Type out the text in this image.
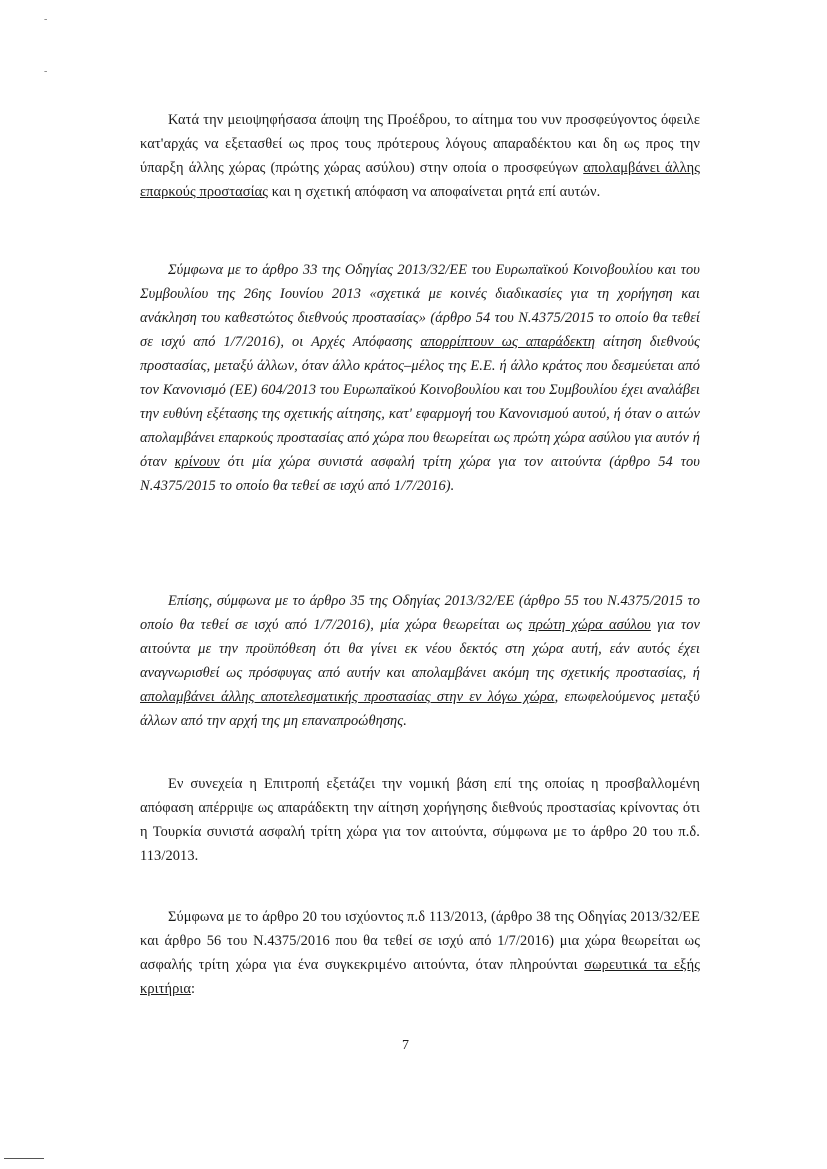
-
-
Κατά την μειοψηφήσασα άποψη της Προέδρου, το αίτημα του νυν προσφεύγοντος όφειλε κατ'αρχάς να εξετασθεί ως προς τους πρότερους λόγους απαραδέκτου και δη ως προς την ύπαρξη άλλης χώρας (πρώτης χώρας ασύλου) στην οποία ο προσφεύγων απολαμβάνει άλλης επαρκούς προστασίας και η σχετική απόφαση να αποφαίνεται ρητά επί αυτών.
Σύμφωνα με το άρθρο 33 της Οδηγίας 2013/32/ΕΕ του Ευρωπαϊκού Κοινοβουλίου και του Συμβουλίου της 26ης Ιουνίου 2013 «σχετικά με κοινές διαδικασίες για τη χορήγηση και ανάκληση του καθεστώτος διεθνούς προστασίας» (άρθρο 54 του Ν.4375/2015 το οποίο θα τεθεί σε ισχύ από 1/7/2016), οι Αρχές Απόφασης απορρίπτουν ως απαράδεκτη αίτηση διεθνούς προστασίας, μεταξύ άλλων, όταν άλλο κράτος–μέλος της Ε.Ε. ή άλλο κράτος που δεσμεύεται από τον Κανονισμό (ΕΕ) 604/2013 του Ευρωπαϊκού Κοινοβουλίου και του Συμβουλίου έχει αναλάβει την ευθύνη εξέτασης της σχετικής αίτησης, κατ' εφαρμογή του Κανονισμού αυτού, ή όταν ο αιτών απολαμβάνει επαρκούς προστασίας από χώρα που θεωρείται ως πρώτη χώρα ασύλου για αυτόν ή όταν κρίνουν ότι μία χώρα συνιστά ασφαλή τρίτη χώρα για τον αιτούντα (άρθρο 54 του Ν.4375/2015 το οποίο θα τεθεί σε ισχύ από 1/7/2016).
Επίσης, σύμφωνα με το άρθρο 35 της Οδηγίας 2013/32/ΕΕ (άρθρο 55 του Ν.4375/2015 το οποίο θα τεθεί σε ισχύ από 1/7/2016), μία χώρα θεωρείται ως πρώτη χώρα ασύλου για τον αιτούντα με την προϋπόθεση ότι θα γίνει εκ νέου δεκτός στη χώρα αυτή, εάν αυτός έχει αναγνωρισθεί ως πρόσφυγας από αυτήν και απολαμβάνει ακόμη της σχετικής προστασίας, ή απολαμβάνει άλλης αποτελεσματικής προστασίας στην εν λόγω χώρα, επωφελούμενος μεταξύ άλλων από την αρχή της μη επαναπροώθησης.
Εν συνεχεία η Επιτροπή εξετάζει την νομική βάση επί της οποίας η προσβαλλομένη απόφαση απέρριψε ως απαράδεκτη την αίτηση χορήγησης διεθνούς προστασίας κρίνοντας ότι η Τουρκία συνιστά ασφαλή τρίτη χώρα για τον αιτούντα, σύμφωνα με το άρθρο 20 του π.δ. 113/2013.
Σύμφωνα με το άρθρο 20 του ισχύοντος π.δ 113/2013, (άρθρο 38 της Οδηγίας 2013/32/ΕΕ και άρθρο 56 του Ν.4375/2016 που θα τεθεί σε ισχύ από 1/7/2016) μια χώρα θεωρείται ως ασφαλής τρίτη χώρα για ένα συγκεκριμένο αιτούντα, όταν πληρούνται σωρευτικά τα εξής κριτήρια:
7
